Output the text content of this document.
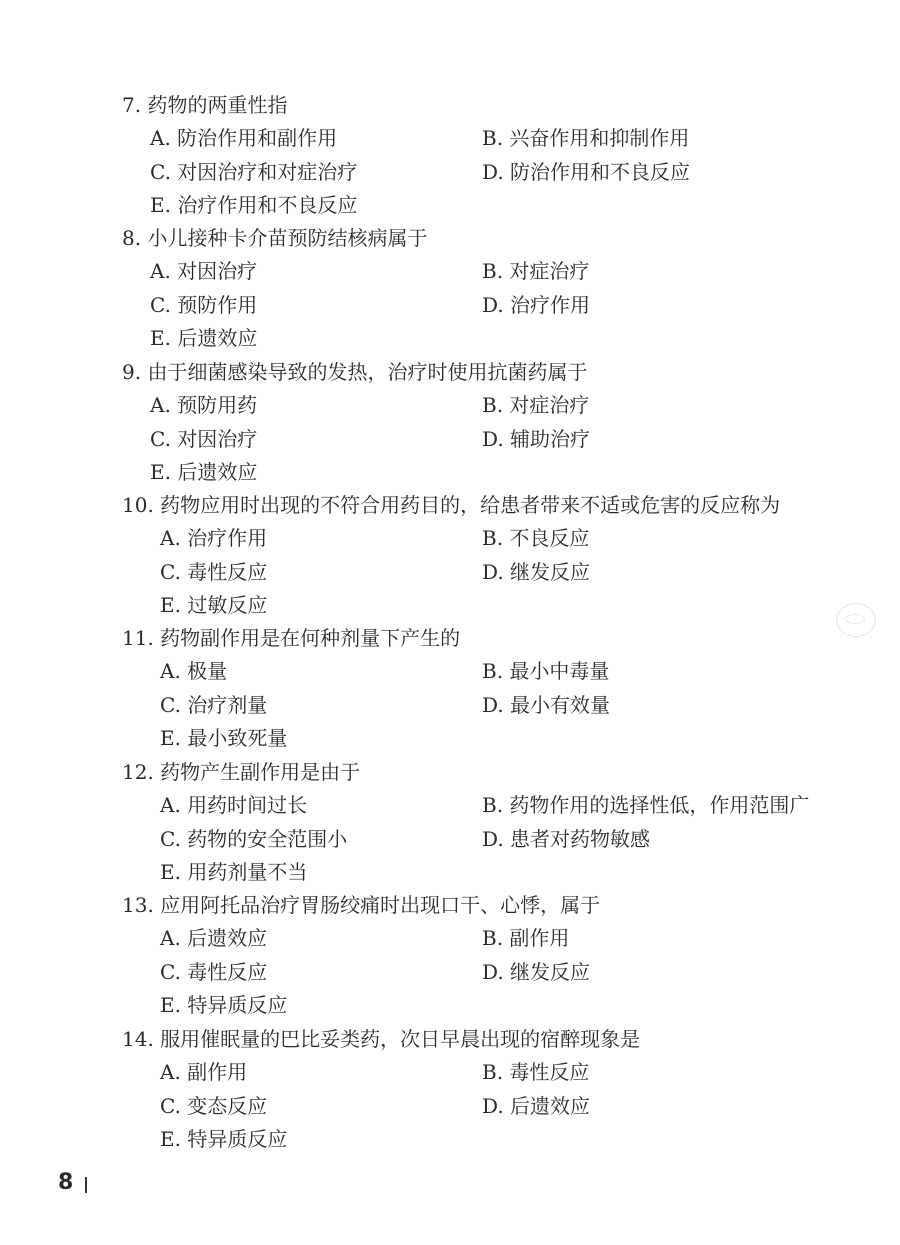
7. 药物的两重性指
A. 防治作用和副作用	B. 兴奋作用和抑制作用
C. 对因治疗和对症治疗	D. 防治作用和不良反应
E. 治疗作用和不良反应
8. 小儿接种卡介苗预防结核病属于
A. 对因治疗	B. 对症治疗
C. 预防作用	D. 治疗作用
E. 后遗效应
9. 由于细菌感染导致的发热，治疗时使用抗菌药属于
A. 预防用药	B. 对症治疗
C. 对因治疗	D. 辅助治疗
E. 后遗效应
10. 药物应用时出现的不符合用药目的，给患者带来不适或危害的反应称为
A. 治疗作用	B. 不良反应
C. 毒性反应	D. 继发反应
E. 过敏反应
11. 药物副作用是在何种剂量下产生的
A. 极量	B. 最小中毒量
C. 治疗剂量	D. 最小有效量
E. 最小致死量
12. 药物产生副作用是由于
A. 用药时间过长	B. 药物作用的选择性低，作用范围广
C. 药物的安全范围小	D. 患者对药物敏感
E. 用药剂量不当
13. 应用阿托品治疗胃肠绞痛时出现口干、心悸，属于
A. 后遗效应	B. 副作用
C. 毒性反应	D. 继发反应
E. 特异质反应
14. 服用催眠量的巴比妥类药，次日早晨出现的宿醉现象是
A. 副作用	B. 毒性反应
C. 变态反应	D. 后遗效应
E. 特异质反应
8
